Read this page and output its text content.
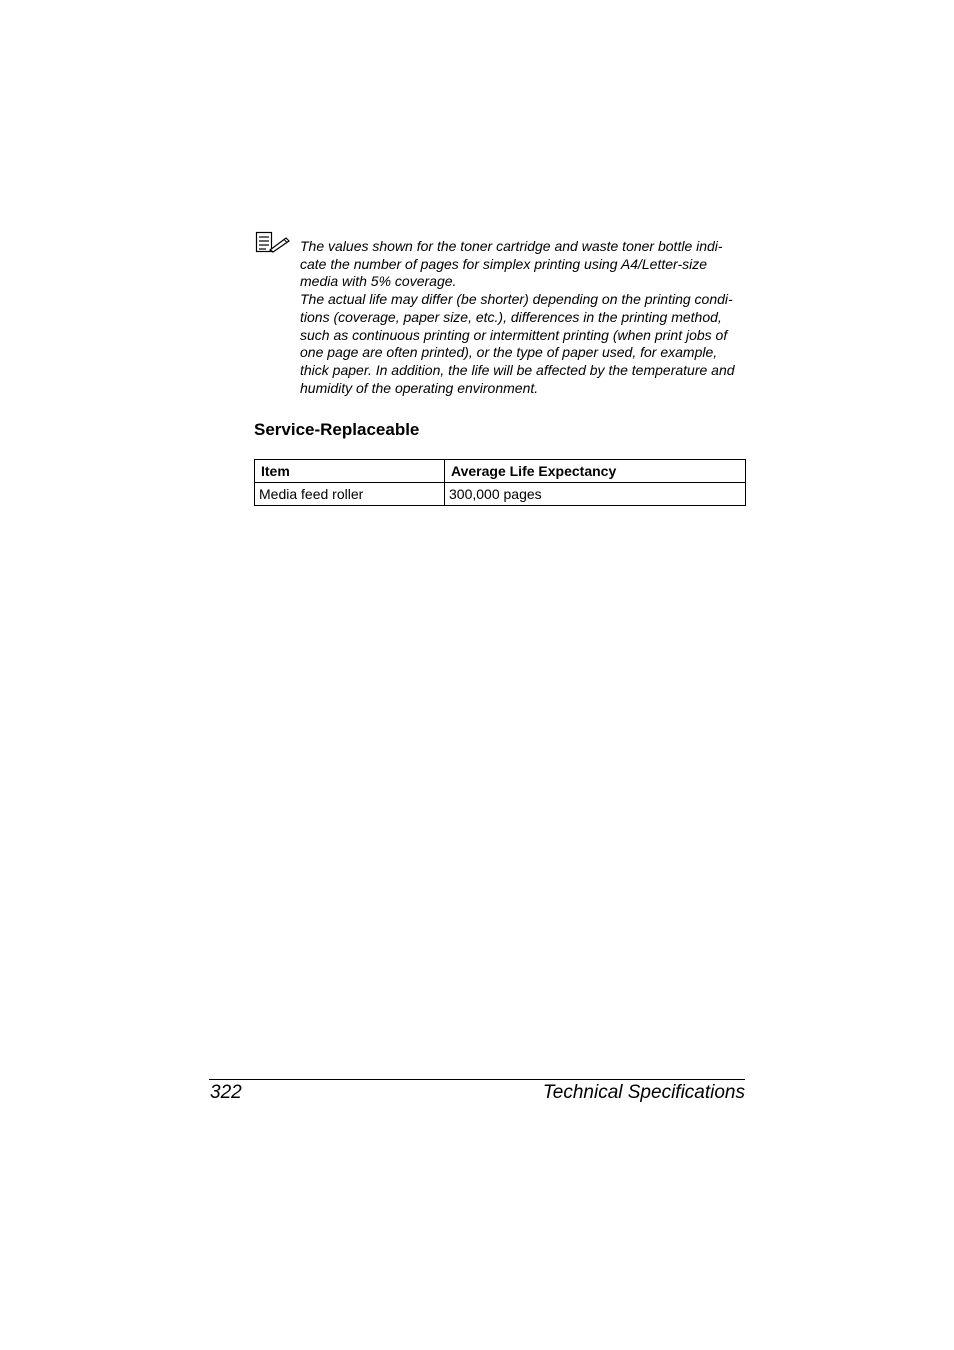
The values shown for the toner cartridge and waste toner bottle indi-
cate the number of pages for simplex printing using A4/Letter-size
media with 5% coverage.
The actual life may differ (be shorter) depending on the printing condi-
tions (coverage, paper size, etc.), differences in the printing method,
such as continuous printing or intermittent printing (when print jobs of
one page are often printed), or the type of paper used, for example,
thick paper. In addition, the life will be affected by the temperature and
humidity of the operating environment.
Service-Replaceable
Item	Average Life Expectancy
Media feed roller	300,000 pages
322	Technical Specifications
